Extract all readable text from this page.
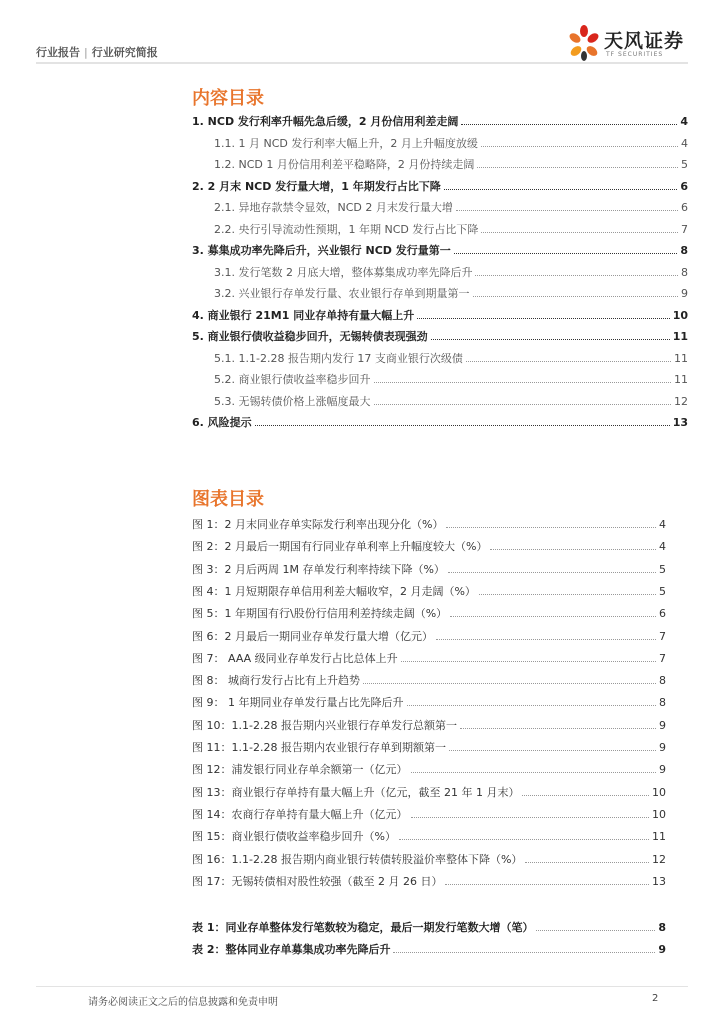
行业报告 | 行业研究简报
天风证券
TF SECURITIES
内容目录
1. NCD 发行利率升幅先急后缓，2 月份信用利差走阔	4
1.1. 1 月 NCD 发行利率大幅上升，2 月上升幅度放缓	4
1.2. NCD 1 月份信用利差平稳略降，2 月份持续走阔	5
2. 2 月末 NCD 发行量大增，1 年期发行占比下降	6
2.1. 异地存款禁令显效，NCD 2 月末发行量大增	6
2.2. 央行引导流动性预期，1 年期 NCD 发行占比下降	7
3. 募集成功率先降后升，兴业银行 NCD 发行量第一	8
3.1. 发行笔数 2 月底大增，整体募集成功率先降后升	8
3.2. 兴业银行存单发行量、农业银行存单到期量第一	9
4. 商业银行 21M1 同业存单持有量大幅上升	10
5. 商业银行债收益稳步回升，无锡转债表现强劲	11
5.1. 1.1-2.28 报告期内发行 17 支商业银行次级债	11
5.2. 商业银行债收益率稳步回升	11
5.3. 无锡转债价格上涨幅度最大	12
6. 风险提示	13
图表目录
图 1：2 月末同业存单实际发行利率出现分化（%）	4
图 2：2 月最后一期国有行同业存单利率上升幅度较大（%）	4
图 3：2 月后两周 1M 存单发行利率持续下降（%）	5
图 4：1 月短期限存单信用利差大幅收窄，2 月走阔（%）	5
图 5：1 年期国有行\股份行信用利差持续走阔（%）	6
图 6：2 月最后一期同业存单发行量大增（亿元）	7
图 7： AAA 级同业存单发行占比总体上升	7
图 8： 城商行发行占比有上升趋势	8
图 9： 1 年期同业存单发行量占比先降后升	8
图 10：1.1-2.28 报告期内兴业银行存单发行总额第一	9
图 11：1.1-2.28 报告期内农业银行存单到期额第一	9
图 12：浦发银行同业存单余额第一（亿元）	9
图 13：商业银行存单持有量大幅上升（亿元，截至 21 年 1 月末）	10
图 14：农商行存单持有量大幅上升（亿元）	10
图 15：商业银行债收益率稳步回升（%）	11
图 16：1.1-2.28 报告期内商业银行转债转股溢价率整体下降（%）	12
图 17：无锡转债相对股性较强（截至 2 月 26 日）	13
表 1：同业存单整体发行笔数较为稳定，最后一期发行笔数大增（笔）	8
表 2：整体同业存单募集成功率先降后升	9
请务必阅读正文之后的信息披露和免责申明	2
